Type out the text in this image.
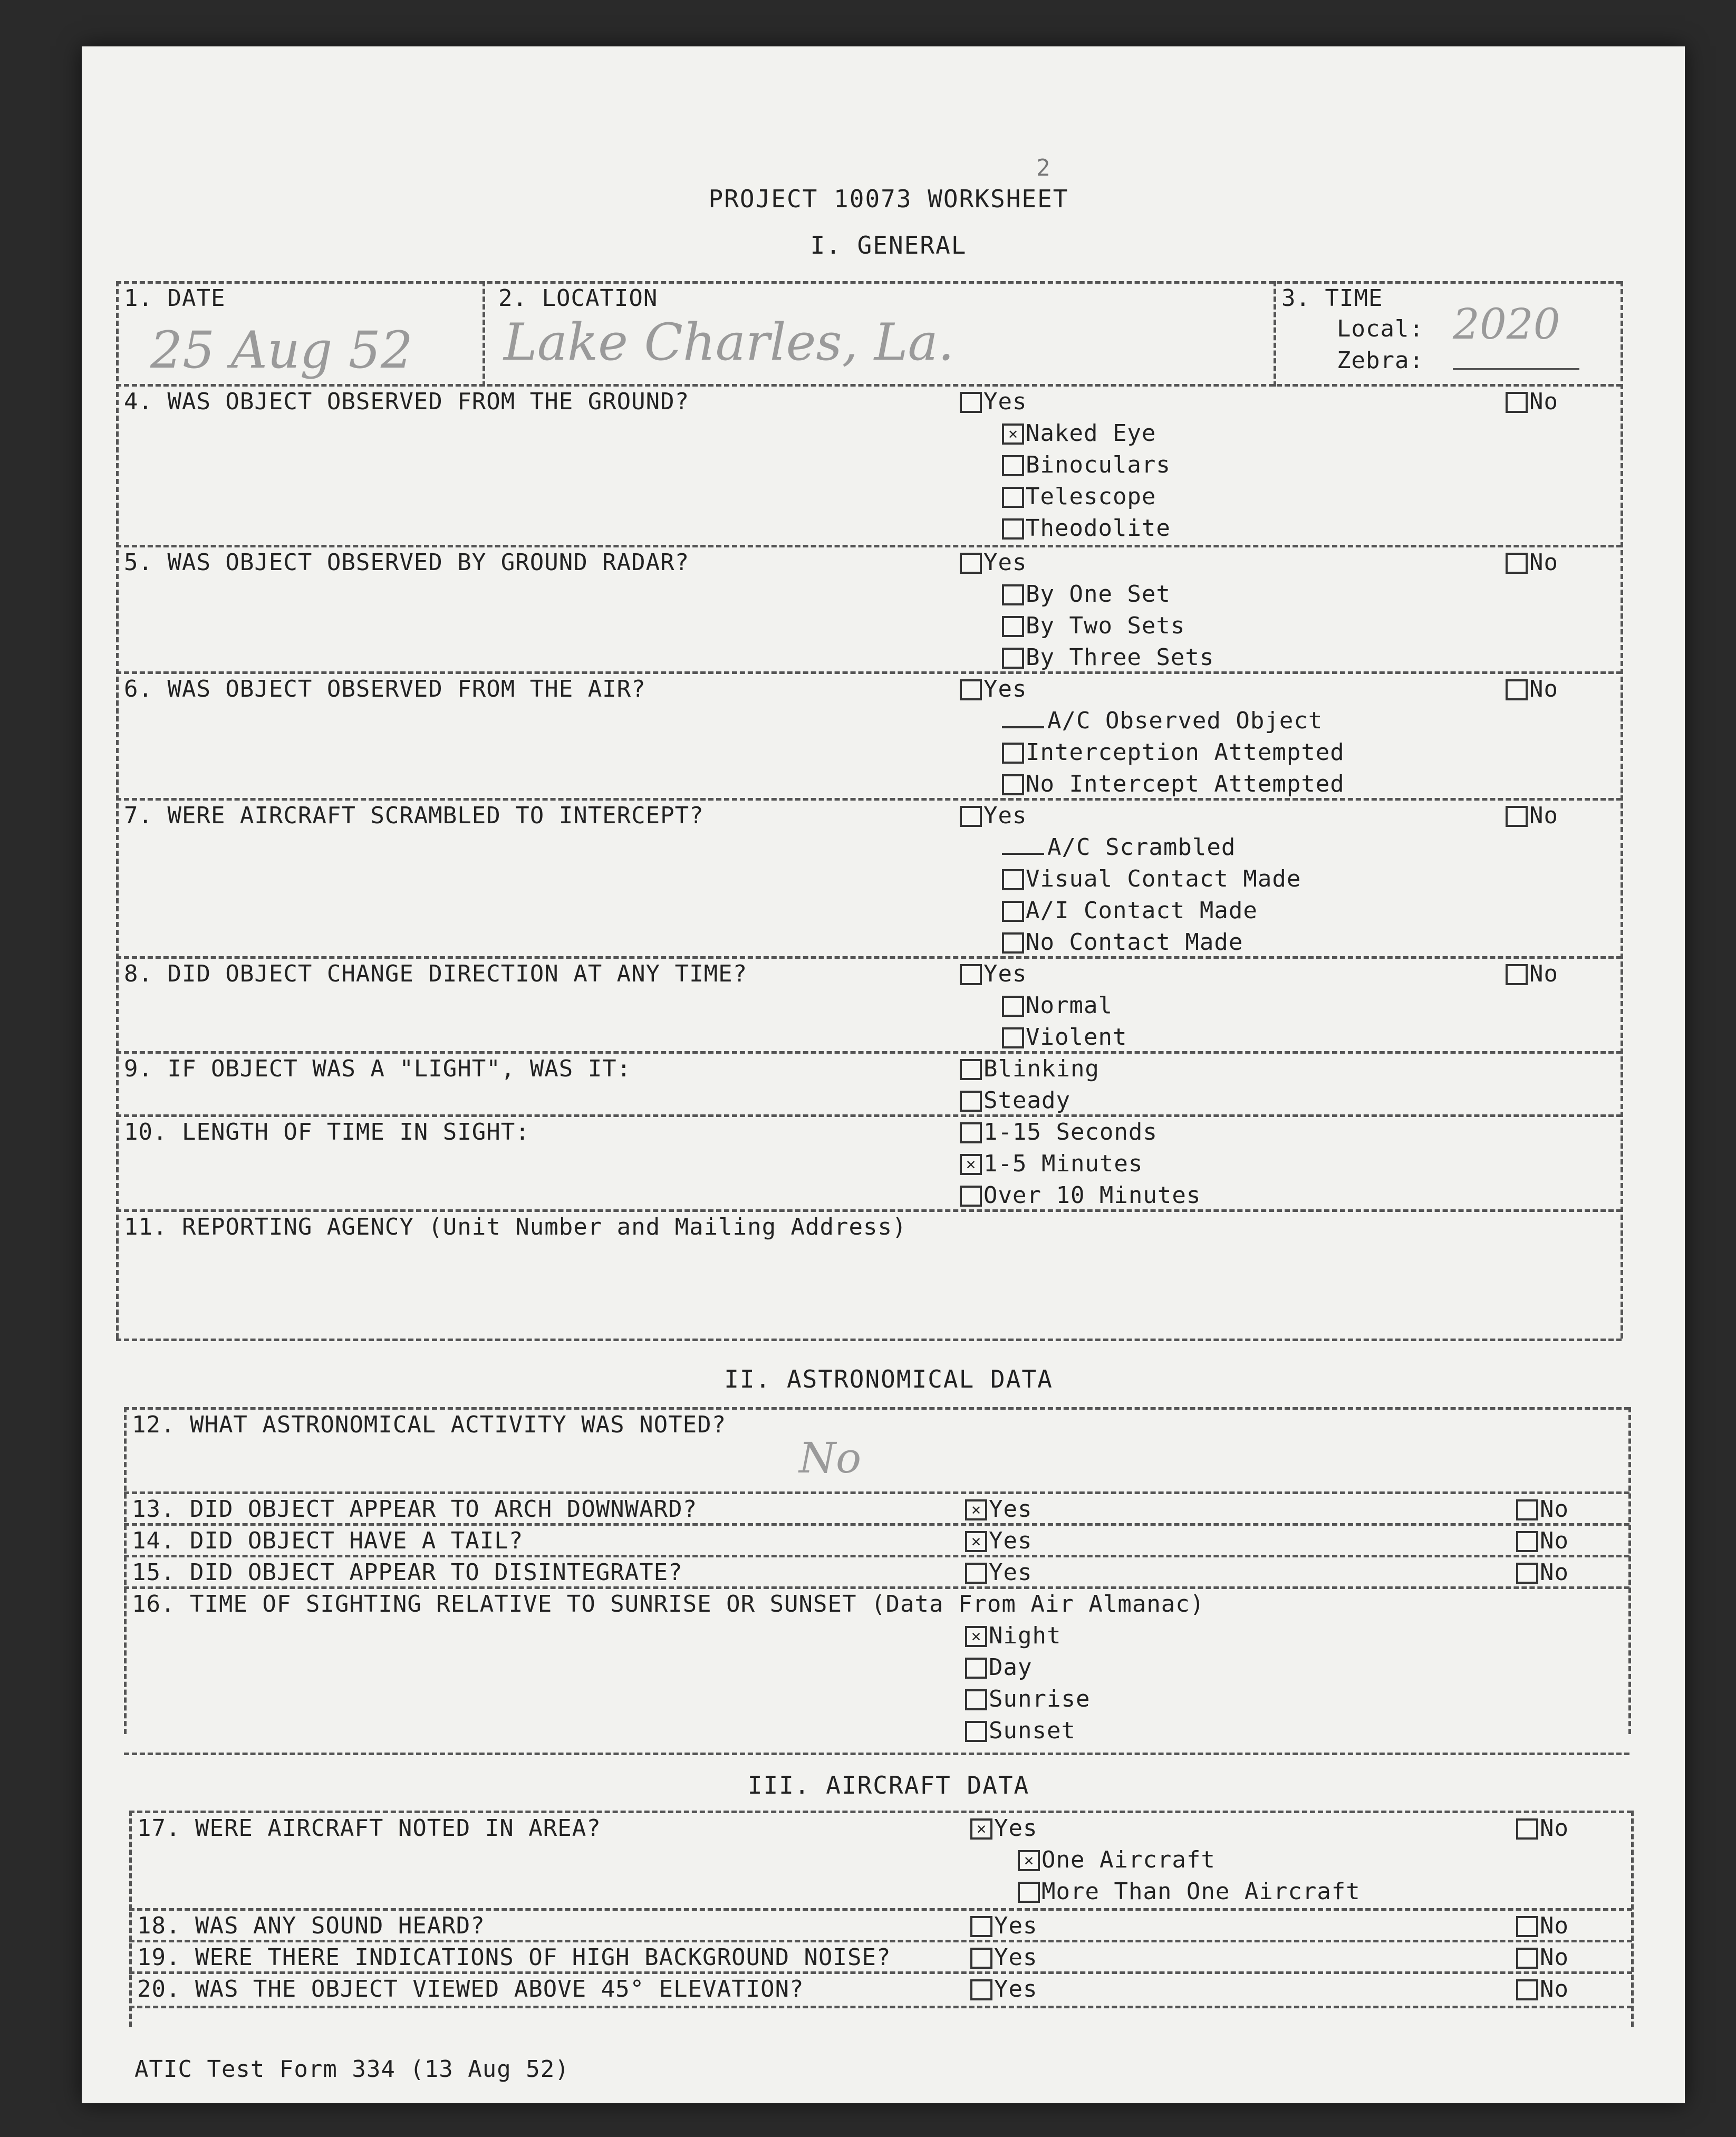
PROJECT 10073 WORKSHEET
2
I. GENERAL
1. DATE
25 Aug 52
2. LOCATION
Lake Charles, La.
3. TIME
Local: 2020
Zebra:
4. WAS OBJECT OBSERVED FROM THE GROUND?	Yes	No
✕ Naked Eye
Binoculars
Telescope
Theodolite
5. WAS OBJECT OBSERVED BY GROUND RADAR?	Yes	No
By One Set
By Two Sets
By Three Sets
6. WAS OBJECT OBSERVED FROM THE AIR?	Yes	No
A/C Observed Object
Interception Attempted
No Intercept Attempted
7. WERE AIRCRAFT SCRAMBLED TO INTERCEPT?	Yes	No
A/C Scrambled
Visual Contact Made
A/I Contact Made
No Contact Made
8. DID OBJECT CHANGE DIRECTION AT ANY TIME?	Yes	No
Normal
Violent
9. IF OBJECT WAS A "LIGHT", WAS IT:	Blinking
Steady
10. LENGTH OF TIME IN SIGHT:	1-15 Seconds
✕ 1-5 Minutes
Over 10 Minutes
11. REPORTING AGENCY (Unit Number and Mailing Address)
II. ASTRONOMICAL DATA
12. WHAT ASTRONOMICAL ACTIVITY WAS NOTED?
No
13. DID OBJECT APPEAR TO ARCH DOWNWARD?	✕ Yes	No
14. DID OBJECT HAVE A TAIL?	✕ Yes	No
15. DID OBJECT APPEAR TO DISINTEGRATE?	Yes	No
16. TIME OF SIGHTING RELATIVE TO SUNRISE OR SUNSET (Data From Air Almanac)
✕ Night
Day
Sunrise
Sunset
III. AIRCRAFT DATA
17. WERE AIRCRAFT NOTED IN AREA?	✕ Yes	No
✕ One Aircraft
More Than One Aircraft
18. WAS ANY SOUND HEARD?	Yes	No
19. WERE THERE INDICATIONS OF HIGH BACKGROUND NOISE?	Yes	No
20. WAS THE OBJECT VIEWED ABOVE 45° ELEVATION?	Yes	No
ATIC Test Form 334 (13 Aug 52)
